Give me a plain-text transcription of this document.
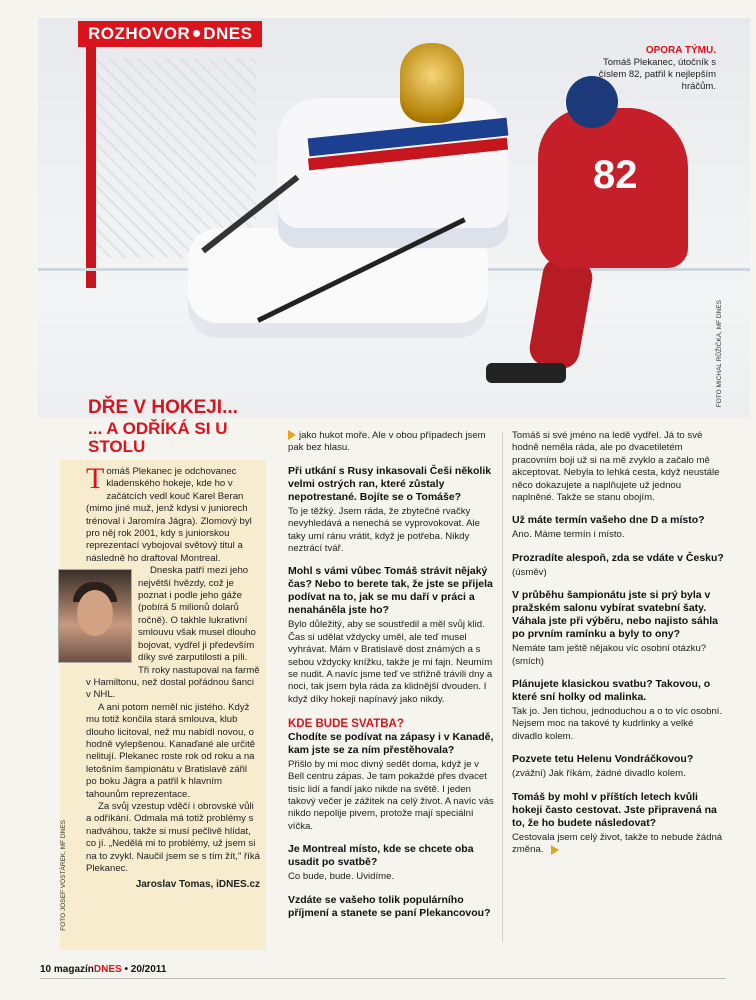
82
ROZHOVOR DNES
OPORA TÝMU.
Tomáš Plekanec, útočník s číslem 82, patřil k nejlepším hráčům.
FOTO MICHAL RŮŽIČKA, MF DNES
DŘE V HOKEJI...
... A ODŘÍKÁ SI U STOLU

Tomáš Plekanec je odchovanec kladenského hokeje, kde ho v začátcích vedl kouč Karel Beran (mimo jiné muž, jenž kdysi v juniorech trénoval i Jaromíra Jágra). Zlomový byl pro něj rok 2001, kdy s juniorskou reprezentací vybojoval světový titul a následně ho draftoval Montreal.

Dneska patří mezi jeho největší hvězdy, což je poznat i podle jeho gáže (pobírá 5 milionů dolarů ročně). O takhle lukrativní smlouvu však musel dlouho bojovat, vydřel ji především díky své zarputilosti a píli. Tři roky nastupoval na farmě v Hamiltonu, než dostal pořádnou šanci v NHL.

A ani potom neměl nic jistého. Když mu totiž končila stará smlouva, klub dlouho licitoval, než mu nabídl novou, o hodně vylepšenou. Kanaďané ale určitě nelitují. Plekanec roste rok od roku a na letošním šampionátu v Bratislavě zářil po boku Jágra a patřil k hlavním tahounům reprezentace.

Za svůj vzestup vděčí i obrovské vůli a odříkání. Odmala má totiž problémy s nadváhou, takže si musí pečlivě hlídat, co jí. „Nedělá mi to problémy, už jsem si na to zvykl. Naučil jsem se s tím žít," říká Plekanec.

Jaroslav Tomas, iDNES.cz
FOTO JOSEF VOSTÁREK, MF DNES

jako hukot moře. Ale v obou případech jsem pak bez hlasu.

Při utkání s Rusy inkasovali Češi několik velmi ostrých ran, které zůstaly nepotrestané. Bojíte se o Tomáše?

To je těžký. Jsem ráda, že zbytečné rvačky nevyhledává a nenechá se vyprovokovat. Ale taky umí ránu vrátit, když je potřeba. Nikdy neztrácí tvář.

Mohl s vámi vůbec Tomáš strávit nějaký čas? Nebo to berete tak, že jste se přijela podívat na to, jak se mu daří v práci a nenaháněla jste ho?

Bylo důležitý, aby se soustředil a měl svůj klid. Čas si udělat vždycky uměl, ale teď musel vyhrávat. Mám v Bratislavě dost známých a s sebou vždycky knížku, takže je mi fajn. Neumím se nudit. A navíc jsme teď ve střižně trávili dny a noci, tak jsem byla ráda za klidnější dvouden. I když díky hokeji napínavý jako nikdy.

KDE BUDE SVATBA?
Chodíte se podívat na zápasy i v Kanadě, kam jste se za ním přestěhovala?

Přišlo by mi moc divný sedět doma, když je v Bell centru zápas. Je tam pokaždé přes dvacet tisíc lidí a fandí jako nikde na světě. I jeden takový večer je zážitek na celý život. A navíc vás nikdo nepolije pivem, protože mají speciální víčka.

Je Montreal místo, kde se chcete oba usadit po svatbě?

Co bude, bude. Uvidíme.

Vzdáte se vašeho tolik populárního příjmení a stanete se paní Plekancovou?

Tomáš si své jméno na ledě vydřel. Já to své hodně neměla ráda, ale po dvacetiletém pracovním boji už si na mě zvyklo a začalo mě akceptovat. Nebyla to lehká cesta, když neustále něco dokazujete a naplňujete už jednou naplněné. Takže se stanu obojím.

Už máte termín vašeho dne D a místo?

Ano. Máme termín i místo.

Prozradíte alespoň, zda se vdáte v Česku?

(úsměv)

V průběhu šampionátu jste si prý byla v pražském salonu vybírat svatební šaty. Váhala jste při výběru, nebo najisto sáhla po prvním ramínku a byly to ony?

Nemáte tam ještě nějakou víc osobní otázku? (smích)

Plánujete klasickou svatbu? Takovou, o které sní holky od malinka.

Tak jo. Jen tichou, jednoduchou a o to víc osobní. Nejsem moc na takové ty kudrlinky a velké divadlo kolem.

Pozvete tetu Helenu Vondráčkovou?

(zvážní) Jak říkám, žádné divadlo kolem.

Tomáš by mohl v příštích letech kvůli hokeji často cestovat. Jste připravená na to, že ho budete následovat?

Cestovala jsem celý život, takže to nebude žádná změna.

10 magazínDNES • 20/2011
